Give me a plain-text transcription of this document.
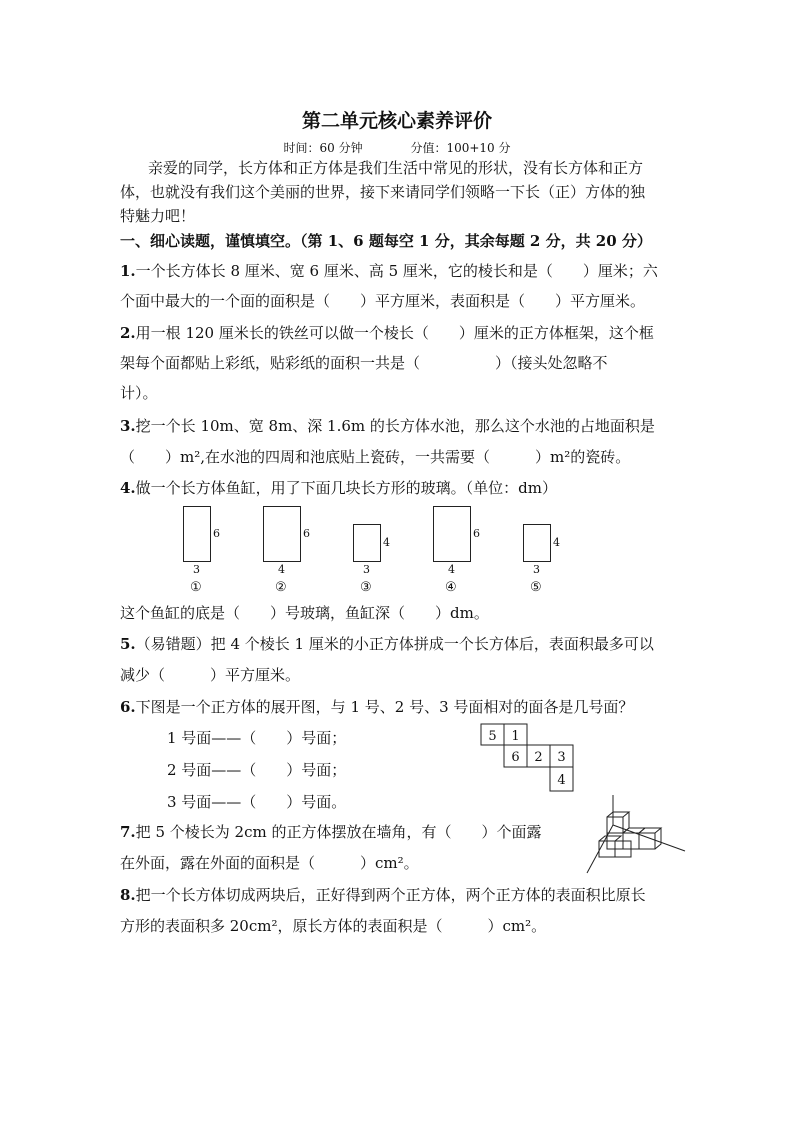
第二单元核心素养评价
时间：60 分钟	分值：100+10 分
亲爱的同学，长方体和正方体是我们生活中常见的形状，没有长方体和正方
体，也就没有我们这个美丽的世界，接下来请同学们领略一下长（正）方体的独
特魅力吧！
一、细心读题，谨慎填空。（第 1、6 题每空 1 分，其余每题 2 分，共 20 分）
1.一个长方体长 8 厘米、宽 6 厘米、高 5 厘米，它的棱长和是（　　）厘米；六
个面中最大的一个面的面积是（　　）平方厘米，表面积是（　　）平方厘米。
2.用一根 120 厘米长的铁丝可以做一个棱长（　　）厘米的正方体框架，这个框
架每个面都贴上彩纸，贴彩纸的面积一共是（　　　　　）（接头处忽略不
计）。
3.挖一个长 10m、宽 8m、深 1.6m 的长方体水池，那么这个水池的占地面积是
（　　）m²,在水池的四周和池底贴上瓷砖，一共需要（　　　）m²的瓷砖。
4.做一个长方体鱼缸，用了下面几块长方形的玻璃。（单位：dm）
6
3
①
6
4
②
4
3
③
6
4
④
4
3
⑤
这个鱼缸的底是（　　）号玻璃，鱼缸深（　　）dm。
5.（易错题）把 4 个棱长 1 厘米的小正方体拼成一个长方体后，表面积最多可以
减少（　　　）平方厘米。
6.下图是一个正方体的展开图，与 1 号、2 号、3 号面相对的面各是几号面？
1 号面——（　　）号面；
2 号面——（　　）号面；
3 号面——（　　）号面。
5 1
6 2 3
4
7.把 5 个棱长为 2cm 的正方体摆放在墙角，有（　　）个面露
在外面，露在外面的面积是（　　　）cm²。
8.把一个长方体切成两块后，正好得到两个正方体，两个正方体的表面积比原长
方形的表面积多 20cm²，原长方体的表面积是（　　　）cm²。
